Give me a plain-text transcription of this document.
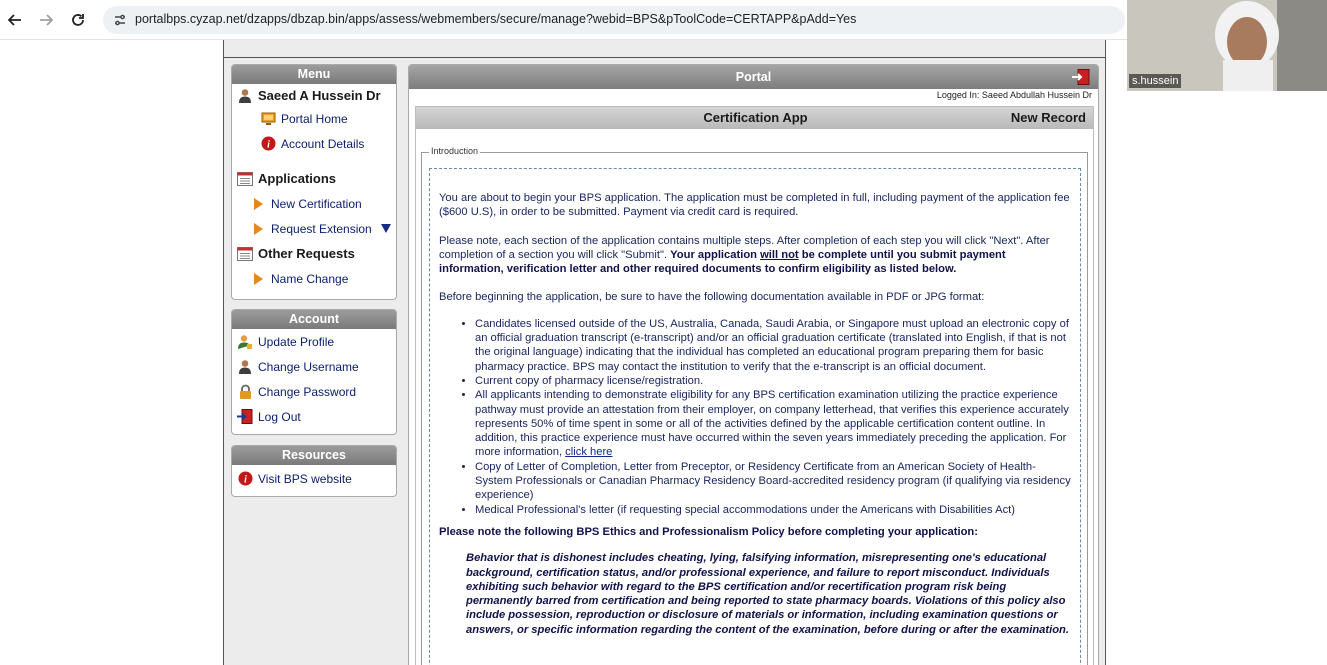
portalbps.cyzap.net/dzapps/dbzap.bin/apps/assess/webmembers/secure/manage?webid=BPS&pToolCode=CERTAPP&pAdd=Yes
s.hussein
Menu
Saeed A Hussein Dr
Portal Home
i Account Details
Applications
New Certification
Request Extension
Other Requests
Name Change
Account
Update Profile
Change Username
Change Password
Log Out
Resources
i Visit BPS website
Portal
Logged In: Saeed Abdullah Hussein Dr
Certification App	New Record
Introduction

You are about to begin your BPS application. The application must be completed in full, including payment of the application fee ($600 U.S), in order to be submitted. Payment via credit card is required.

Please note, each section of the application contains multiple steps. After completion of each step you will click "Next". After completion of a section you will click "Submit". Your application will not be complete until you submit payment information, verification letter and other required documents to confirm eligibility as listed below.

Before beginning the application, be sure to have the following documentation available in PDF or JPG format:

• Candidates licensed outside of the US, Australia, Canada, Saudi Arabia, or Singapore must upload an electronic copy of an official graduation transcript (e-transcript) and/or an official graduation certificate (translated into English, if that is not the original language) indicating that the individual has completed an educational program preparing them for basic pharmacy practice. BPS may contact the institution to verify that the e-transcript is an official document.
• Current copy of pharmacy license/registration.
• All applicants intending to demonstrate eligibility for any BPS certification examination utilizing the practice experience pathway must provide an attestation from their employer, on company letterhead, that verifies this experience accurately represents 50% of time spent in some or all of the activities defined by the applicable certification content outline. In addition, this practice experience must have occurred within the seven years immediately preceding the application. For more information, click here
• Copy of Letter of Completion, Letter from Preceptor, or Residency Certificate from an American Society of Health-System Professionals or Canadian Pharmacy Residency Board-accredited residency program (if qualifying via residency experience)
• Medical Professional's letter (if requesting special accommodations under the Americans with Disabilities Act)
Please note the following BPS Ethics and Professionalism Policy before completing your application:
Behavior that is dishonest includes cheating, lying, falsifying information, misrepresenting one's educational background, certification status, and/or professional experience, and failure to report misconduct. Individuals exhibiting such behavior with regard to the BPS certification and/or recertification program risk being permanently barred from certification and being reported to state pharmacy boards. Violations of this policy also include possession, reproduction or disclosure of materials or information, including examination questions or answers, or specific information regarding the content of the examination, before during or after the examination.
